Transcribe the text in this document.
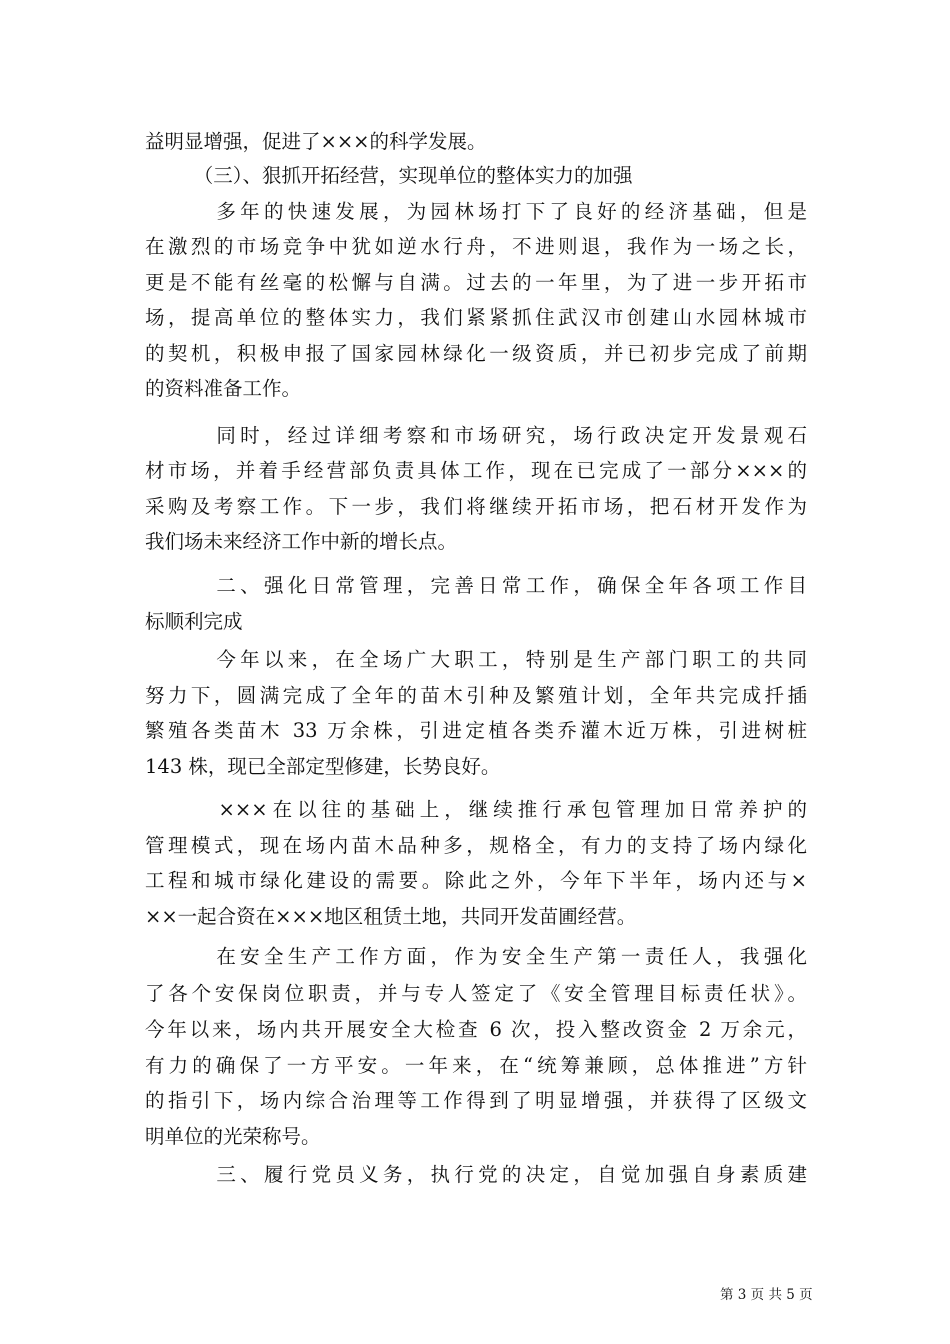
益明显增强，促进了×××的科学发展。
　　　（三）、狠抓开拓经营，实现单位的整体实力的加强
　　　多年的快速发展，为园林场打下了良好的经济基础，但是
在激烈的市场竞争中犹如逆水行舟，不进则退，我作为一场之长，
更是不能有丝毫的松懈与自满。过去的一年里，为了进一步开拓市
场，提高单位的整体实力，我们紧紧抓住武汉市创建山水园林城市
的契机，积极申报了国家园林绿化一级资质，并已初步完成了前期
的资料准备工作。
　　　同时，经过详细考察和市场研究，场行政决定开发景观石
材市场，并着手经营部负责具体工作，现在已完成了一部分×××的
采购及考察工作。下一步，我们将继续开拓市场，把石材开发作为
我们场未来经济工作中新的增长点。
　　　二、强化日常管理，完善日常工作，确保全年各项工作目
标顺利完成
　　　今年以来，在全场广大职工，特别是生产部门职工的共同
努力下，圆满完成了全年的苗木引种及繁殖计划，全年共完成扦插
繁殖各类苗木 33 万余株，引进定植各类乔灌木近万株，引进树桩
143 株，现已全部定型修建，长势良好。
　　　×××在以往的基础上，继续推行承包管理加日常养护的
管理模式，现在场内苗木品种多，规格全，有力的支持了场内绿化
工程和城市绿化建设的需要。除此之外，今年下半年，场内还与×
××一起合资在×××地区租赁土地，共同开发苗圃经营。
　　　在安全生产工作方面，作为安全生产第一责任人，我强化
了各个安保岗位职责，并与专人签定了《安全管理目标责任状》。
今年以来，场内共开展安全大检查 6 次，投入整改资金 2 万余元，
有力的确保了一方平安。一年来，在“统筹兼顾，总体推进”方针
的指引下，场内综合治理等工作得到了明显增强，并获得了区级文
明单位的光荣称号。
　　　三、履行党员义务，执行党的决定，自觉加强自身素质建
第 3 页 共 5 页
